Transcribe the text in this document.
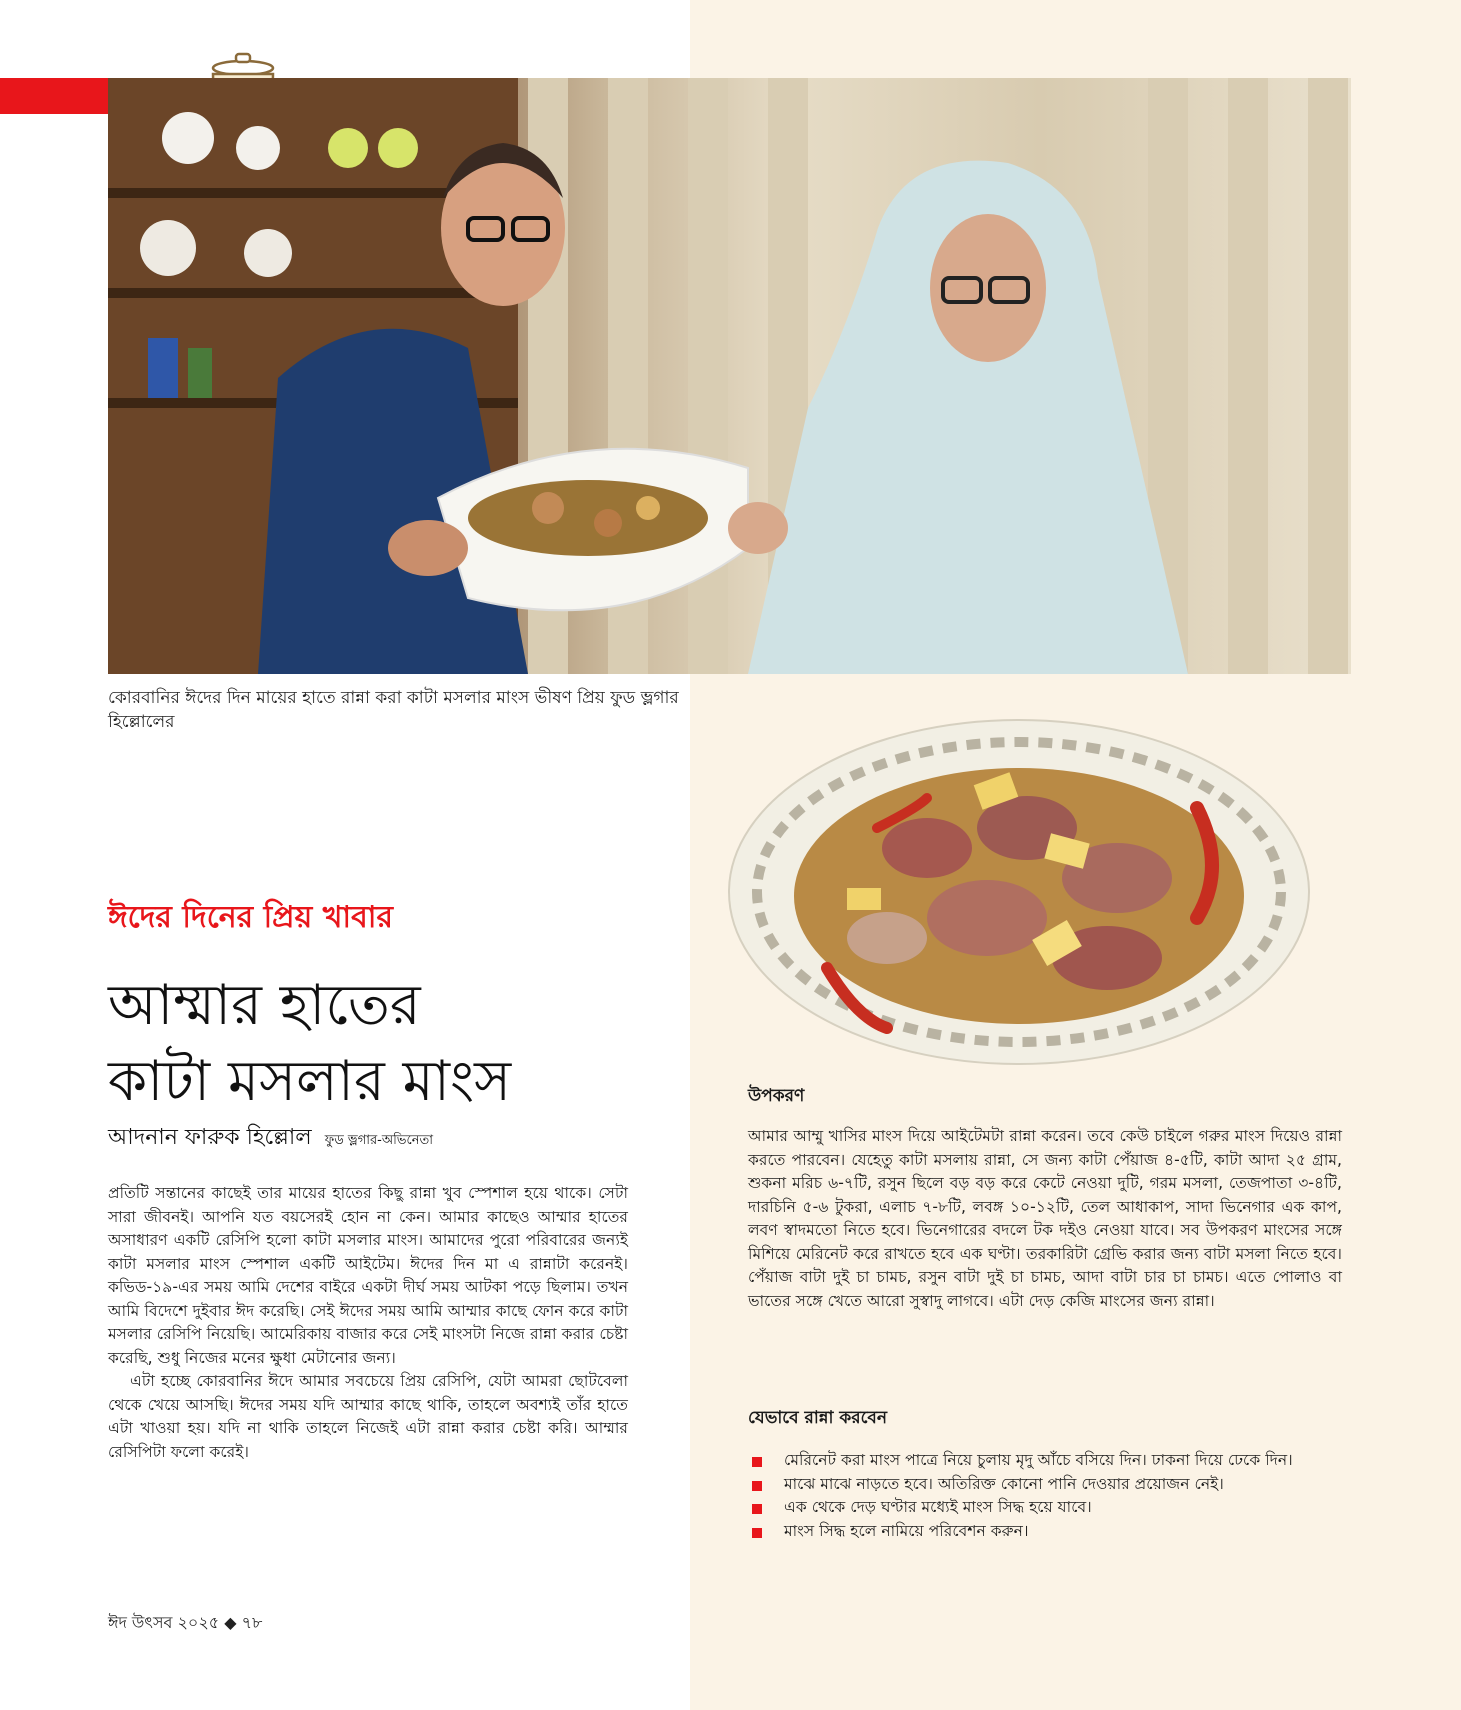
কোরবানির ঈদের দিন মায়ের হাতে রান্না করা কাটা মসলার মাংস ভীষণ প্রিয় ফুড ভ্লগার হিল্লোলের
ঈদের দিনের প্রিয় খাবার
আম্মার হাতের
কাটা মসলার মাংস
আদনান ফারুক হিল্লোল ফুড ভ্লগার-অভিনেতা

প্রতিটি সন্তানের কাছেই তার মায়ের হাতের কিছু রান্না খুব স্পেশাল হয়ে থাকে। সেটা সারা জীবনই। আপনি যত বয়সেরই হোন না কেন। আমার কাছেও আম্মার হাতের অসাধারণ একটি রেসিপি হলো কাটা মসলার মাংস। আমাদের পুরো পরিবারের জন্যই কাটা মসলার মাংস স্পেশাল একটি আইটেম। ঈদের দিন মা এ রান্নাটা করেনই। কভিড-১৯-এর সময় আমি দেশের বাইরে একটা দীর্ঘ সময় আটকা পড়ে ছিলাম। তখন আমি বিদেশে দুইবার ঈদ করেছি। সেই ঈদের সময় আমি আম্মার কাছে ফোন করে কাটা মসলার রেসিপি নিয়েছি। আমেরিকায় বাজার করে সেই মাংসটা নিজে রান্না করার চেষ্টা করেছি, শুধু নিজের মনের ক্ষুধা মেটানোর জন্য।

এটা হচ্ছে কোরবানির ঈদে আমার সবচেয়ে প্রিয় রেসিপি, যেটা আমরা ছোটবেলা থেকে খেয়ে আসছি। ঈদের সময় যদি আম্মার কাছে থাকি, তাহলে অবশ্যই তাঁর হাতে এটা খাওয়া হয়। যদি না থাকি তাহলে নিজেই এটা রান্না করার চেষ্টা করি। আম্মার রেসিপিটা ফলো করেই।

উপকরণ
আমার আম্মু খাসির মাংস দিয়ে আইটেমটা রান্না করেন। তবে কেউ চাইলে গরুর মাংস দিয়েও রান্না করতে পারবেন। যেহেতু কাটা মসলায় রান্না, সে জন্য কাটা পেঁয়াজ ৪-৫টি, কাটা আদা ২৫ গ্রাম, শুকনা মরিচ ৬-৭টি, রসুন ছিলে বড় বড় করে কেটে নেওয়া দুটি, গরম মসলা, তেজপাতা ৩-৪টি, দারচিনি ৫-৬ টুকরা, এলাচ ৭-৮টি, লবঙ্গ ১০-১২টি, তেল আধাকাপ, সাদা ভিনেগার এক কাপ, লবণ স্বাদমতো নিতে হবে। ভিনেগারের বদলে টক দইও নেওয়া যাবে। সব উপকরণ মাংসের সঙ্গে মিশিয়ে মেরিনেট করে রাখতে হবে এক ঘণ্টা। তরকারিটা গ্রেভি করার জন্য বাটা মসলা নিতে হবে। পেঁয়াজ বাটা দুই চা চামচ, রসুন বাটা দুই চা চামচ, আদা বাটা চার চা চামচ। এতে পোলাও বা ভাতের সঙ্গে খেতে আরো সুস্বাদু লাগবে। এটা দেড় কেজি মাংসের জন্য রান্না।
যেভাবে রান্না করবেন
মেরিনেট করা মাংস পাত্রে নিয়ে চুলায় মৃদু আঁচে বসিয়ে দিন। ঢাকনা দিয়ে ঢেকে দিন।
মাঝে মাঝে নাড়তে হবে। অতিরিক্ত কোনো পানি দেওয়ার প্রয়োজন নেই।
এক থেকে দেড় ঘণ্টার মধ্যেই মাংস সিদ্ধ হয়ে যাবে।
মাংস সিদ্ধ হলে নামিয়ে পরিবেশন করুন।
ঈদ উৎসব ২০২৫ ◆ ৭৮
